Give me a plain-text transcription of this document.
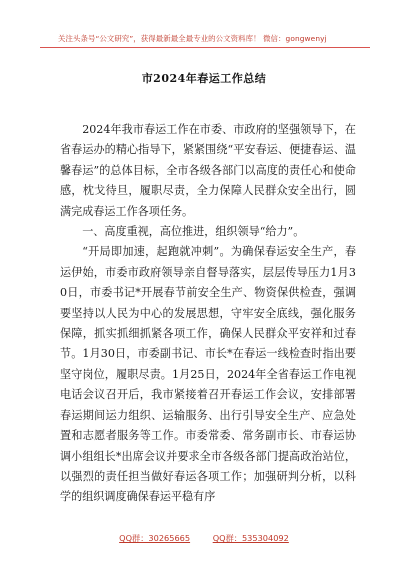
关注头条号“公文研究”，获得最新最全最专业的公文资料库！ 微信：gongwenyj
市2024年春运工作总结

2024年我市春运工作在市委、市政府的坚强领导下，在省春运办的精心指导下，紧紧围绕“平安春运、便捷春运、温馨春运”的总体目标，全市各级各部门以高度的责任心和使命感，枕戈待旦，履职尽责，全力保障人民群众安全出行，圆满完成春运工作各项任务。

一、高度重视，高位推进，组织领导“给力”。

“开局即加速，起跑就冲刺”。为确保春运安全生产，春运伊始，市委市政府领导亲自督导落实，层层传导压力1月30日，市委书记*开展春节前安全生产、物资保供检查，强调要坚持以人民为中心的发展思想，守牢安全底线，强化服务保障，抓实抓细抓紧各项工作，确保人民群众平安祥和过春节。1月30日，市委副书记、市长*在春运一线检查时指出要坚守岗位，履职尽责。1月25日，2024年全省春运工作电视电话会议召开后，我市紧接着召开春运工作会议，安排部署春运期间运力组织、运输服务、出行引导安全生产、应急处置和志愿者服务等工作。市委常委、常务副市长、市春运协调小组组长*出席会议并要求全市各级各部门提高政治站位，以强烈的责任担当做好春运各项工作；加强研判分析，以科学的组织调度确保春运平稳有序

QQ群：30265665	QQ群：535304092
